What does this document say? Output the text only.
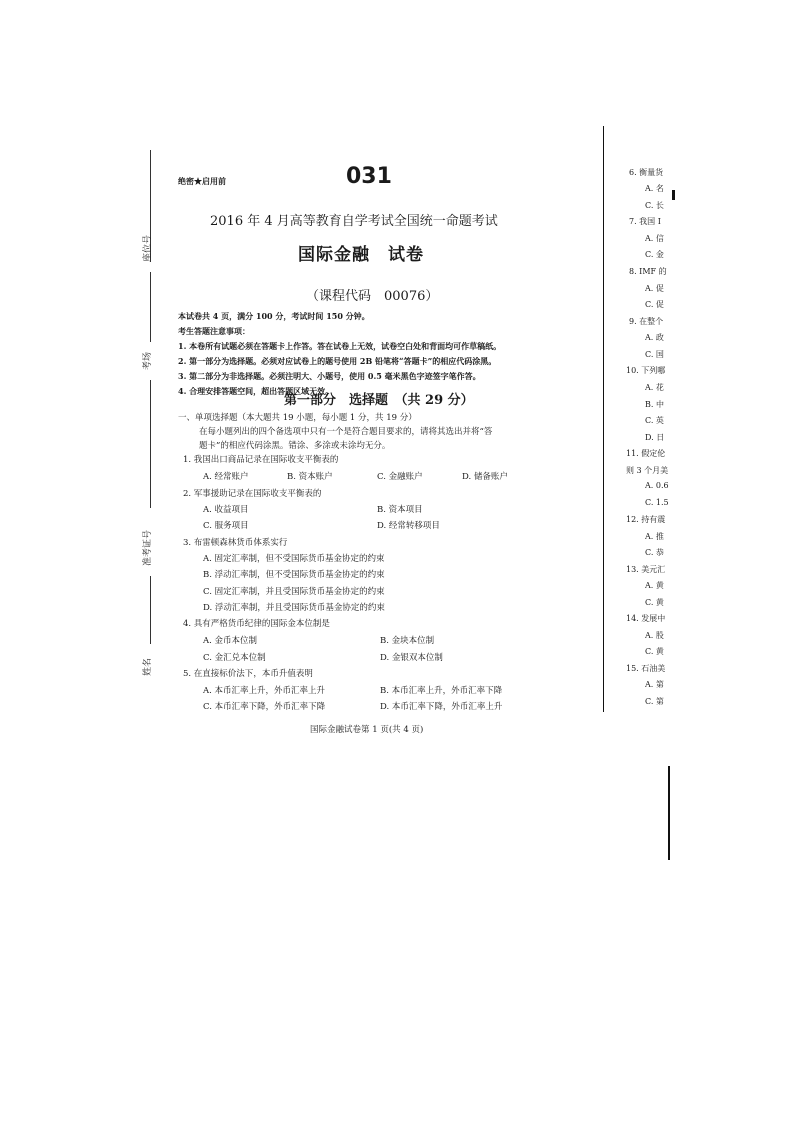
座位号
考场
准考证号
姓名
绝密★启用前	031
2016 年 4 月高等教育自学考试全国统一命题考试
国际金融　试卷
（课程代码　00076）
本试卷共 4 页，满分 100 分，考试时间 150 分钟。
考生答题注意事项：
1. 本卷所有试题必须在答题卡上作答。答在试卷上无效，试卷空白处和背面均可作草稿纸。
2. 第一部分为选择题。必须对应试卷上的题号使用 2B 铅笔将“答题卡”的相应代码涂黑。
3. 第二部分为非选择题。必须注明大、小题号，使用 0.5 毫米黑色字迹签字笔作答。
4. 合理安排答题空间，超出答题区域无效。
第一部分　选择题　（共 29 分）
一、单项选择题（本大题共 19 小题，每小题 1 分，共 19 分）
在每小题列出的四个备选项中只有一个是符合题目要求的，请将其选出并将“答
题卡”的相应代码涂黑。错涂、多涂或未涂均无分。
1. 我国出口商品记录在国际收支平衡表的
A. 经常账户	B. 资本账户	C. 金融账户	D. 储备账户
2. 军事援助记录在国际收支平衡表的
A. 收益项目	B. 资本项目
C. 服务项目	D. 经常转移项目
3. 布雷顿森林货币体系实行
A. 固定汇率制，但不受国际货币基金协定的约束
B. 浮动汇率制，但不受国际货币基金协定的约束
C. 固定汇率制，并且受国际货币基金协定的约束
D. 浮动汇率制，并且受国际货币基金协定的约束
4. 具有严格货币纪律的国际金本位制是
A. 金币本位制	B. 金块本位制
C. 金汇兑本位制	D. 金银双本位制
5. 在直接标价法下，本币升值表明
A. 本币汇率上升，外币汇率上升	B. 本币汇率上升，外币汇率下降
C. 本币汇率下降，外币汇率下降	D. 本币汇率下降，外币汇率上升
国际金融试卷第 1 页(共 4 页)
6. 衡量货
A. 名
C. 长
7. 我国 I
A. 信
C. 金
8. IMF 的
A. 促
C. 促
9. 在整个
A. 政
C. 国
10. 下列哪
A. 花
B. 中
C. 英
D. 日
11. 假定伦
则 3 个月美
A. 0.6
C. 1.5
12. 持有震
A. 推
C. 恭
13. 美元汇
A. 黄
C. 黄
14. 发展中
A. 股
C. 黄
15. 石油美
A. 第
C. 第
